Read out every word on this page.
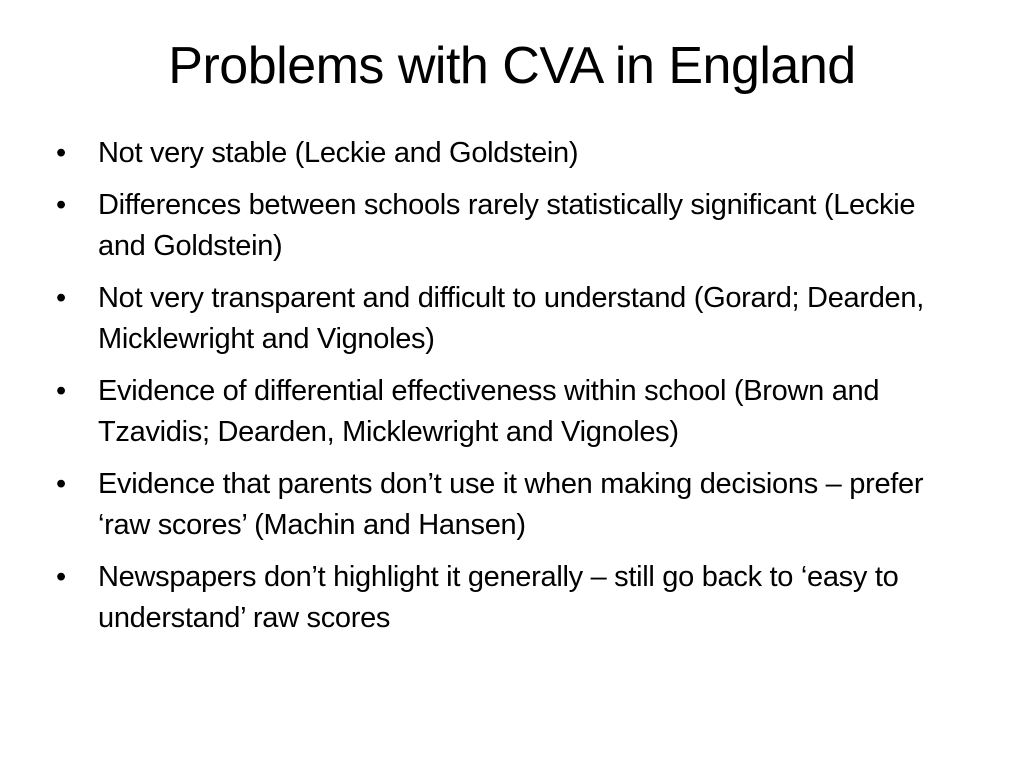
Problems with CVA in England
•	Not very stable (Leckie and Goldstein)
•	Differences between schools rarely statistically significant (Leckie and Goldstein)
•	Not very transparent and difficult to understand (Gorard; Dearden, Micklewright and Vignoles)
•	Evidence of differential effectiveness within school (Brown and Tzavidis; Dearden, Micklewright and Vignoles)
•	Evidence that parents don’t use it when making decisions – prefer ‘raw scores’ (Machin and Hansen)
•	Newspapers don’t highlight it generally – still go back to ‘easy to understand’ raw scores
